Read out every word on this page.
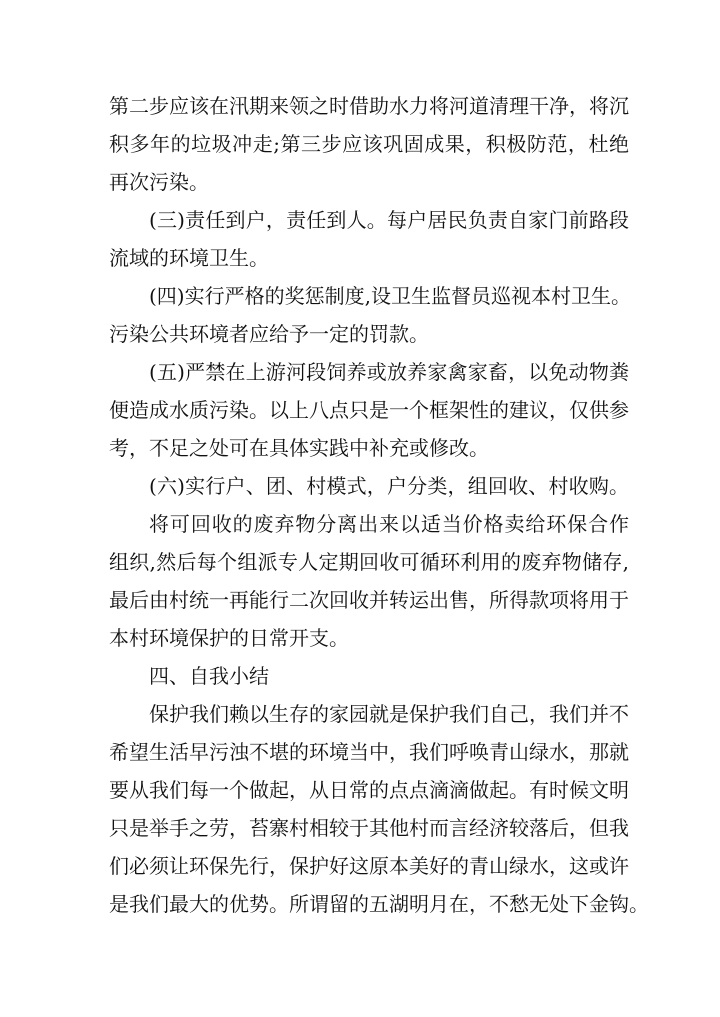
第二步应该在汛期来领之时借助水力将河道清理干净，将沉
积多年的垃圾冲走;第三步应该巩固成果，积极防范，杜绝
再次污染。
(三)责任到户，责任到人。每户居民负责自家门前路段
流域的环境卫生。
(四)实行严格的奖惩制度,设卫生监督员巡视本村卫生。
污染公共环境者应给予一定的罚款。
(五)严禁在上游河段饲养或放养家禽家畜，以免动物粪
便造成水质污染。以上八点只是一个框架性的建议，仅供参
考，不足之处可在具体实践中补充或修改。
(六)实行户、团、村模式，户分类，组回收、村收购。
将可回收的废弃物分离出来以适当价格卖给环保合作
组织,然后每个组派专人定期回收可循环利用的废弃物储存,
最后由村统一再能行二次回收并转运出售，所得款项将用于
本村环境保护的日常开支。
四、自我小结
保护我们赖以生存的家园就是保护我们自己，我们并不
希望生活早污浊不堪的环境当中，我们呼唤青山绿水，那就
要从我们每一个做起，从日常的点点滴滴做起。有时候文明
只是举手之劳，苔寨村相较于其他村而言经济较落后，但我
们必须让环保先行，保护好这原本美好的青山绿水，这或许
是我们最大的优势。所谓留的五湖明月在，不愁无处下金钩。
